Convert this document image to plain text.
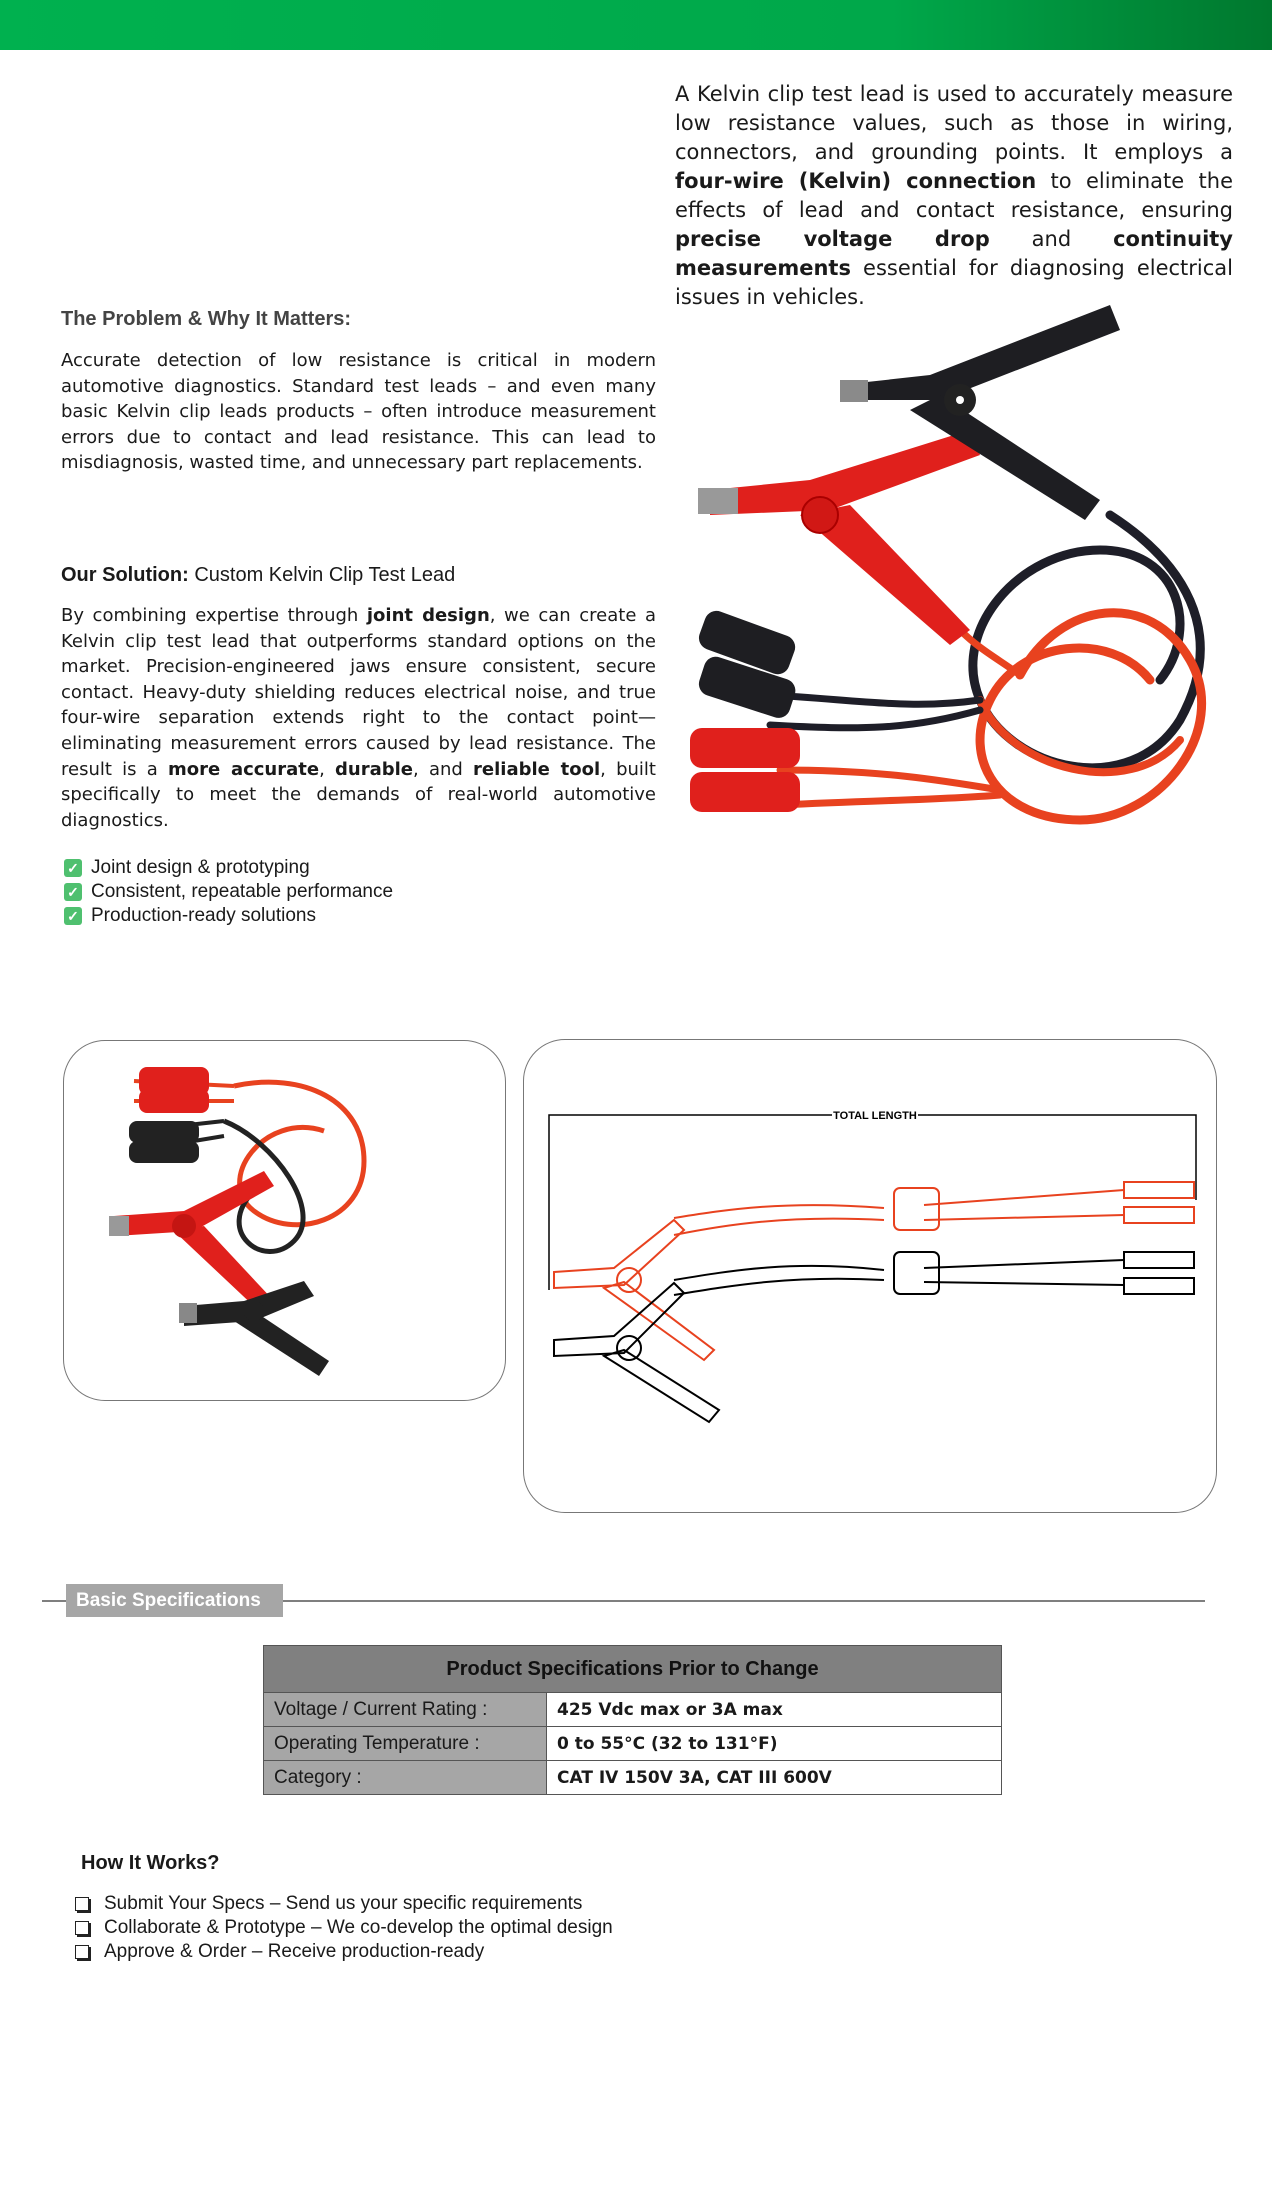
A Kelvin clip test lead is used to accurately measure low resistance values, such as those in wiring, connectors, and grounding points. It employs a four-wire (Kelvin) connection to eliminate the effects of lead and contact resistance, ensuring precise voltage drop and continuity measurements essential for diagnosing electrical issues in vehicles.

The Problem & Why It Matters:

Accurate detection of low resistance is critical in modern automotive diagnostics. Standard test leads – and even many basic Kelvin clip leads products – often introduce measurement errors due to contact and lead resistance. This can lead to misdiagnosis, wasted time, and unnecessary part replacements.

Our Solution: Custom Kelvin Clip Test Lead

By combining expertise through joint design, we can create a Kelvin clip test lead that outperforms standard options on the market. Precision-engineered jaws ensure consistent, secure contact. Heavy-duty shielding reduces electrical noise, and true four-wire separation extends right to the contact point—eliminating measurement errors caused by lead resistance. The result is a more accurate, durable, and reliable tool, built specifically to meet the demands of real-world automotive diagnostics.

✓ Joint design & prototyping
✓ Consistent, repeatable performance
✓ Production-ready solutions
TOTAL LENGTH
Basic Specifications
Product Specifications Prior to Change	
Voltage / Current Rating :	425 Vdc max or 3A max
Operating Temperature :	0 to 55°C (32 to 131°F)
Category :	CAT IV 150V 3A, CAT III 600V
How It Works?
Submit Your Specs – Send us your specific requirements
Collaborate & Prototype – We co-develop the optimal design
Approve & Order – Receive production-ready
